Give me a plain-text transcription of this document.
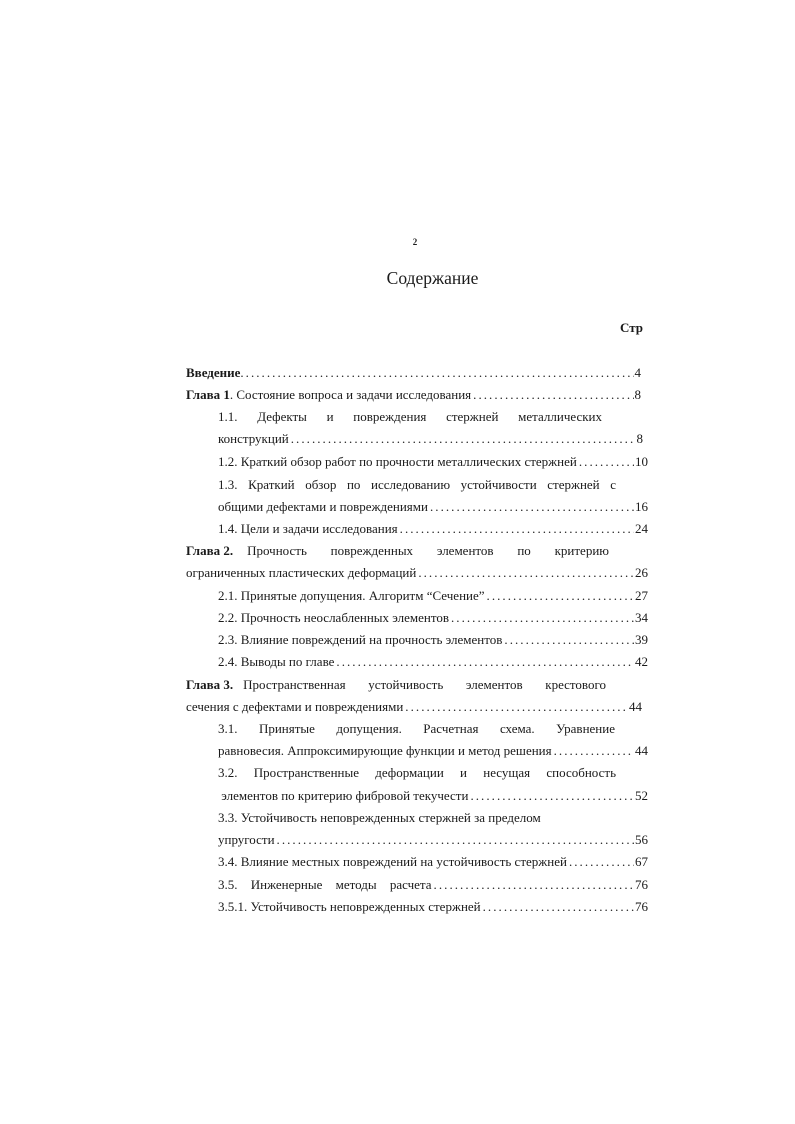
2
Содержание
Стр
Введение . . . .	4
Глава 1 . Состояние вопроса и задачи исследования . . .	8
1.1. Дефекты и повреждения стержней металлических
конструкций . . .	8
1.2. Краткий обзор работ по прочности металлических стержней . . .	10
1.3. Краткий обзор по исследованию устойчивости стержней с
общими дефектами и повреждениями . . .	16
1.4. Цели и задачи исследования . . .	24
Глава 2. Прочность поврежденных элементов по критерию
ограниченных пластических деформаций . . .	26
2.1. Принятые допущения. Алгоритм “Сечение” . . .	27
2.2. Прочность неослабленных элементов . . .	34
2.3. Влияние повреждений на прочность элементов . . .	39
2.4. Выводы по главе . . .	42
Глава 3. Пространственная устойчивость элементов крестового
сечения с дефектами и повреждениями . . .	44
3.1. Принятые допущения. Расчетная схема. Уравнение
равновесия. Аппроксимирующие функции и метод решения . . .	44
3.2. Пространственные деформации и несущая способность
элементов по критерию фибровой текучести . . .	52
3.3. Устойчивость неповрежденных стержней за пределом
упругости . . .	56
3.4. Влияние местных повреждений на устойчивость стержней . . .	67
3.5. Инженерные методы расчета . . .	76
3.5.1. Устойчивость неповрежденных стержней . . .	76
